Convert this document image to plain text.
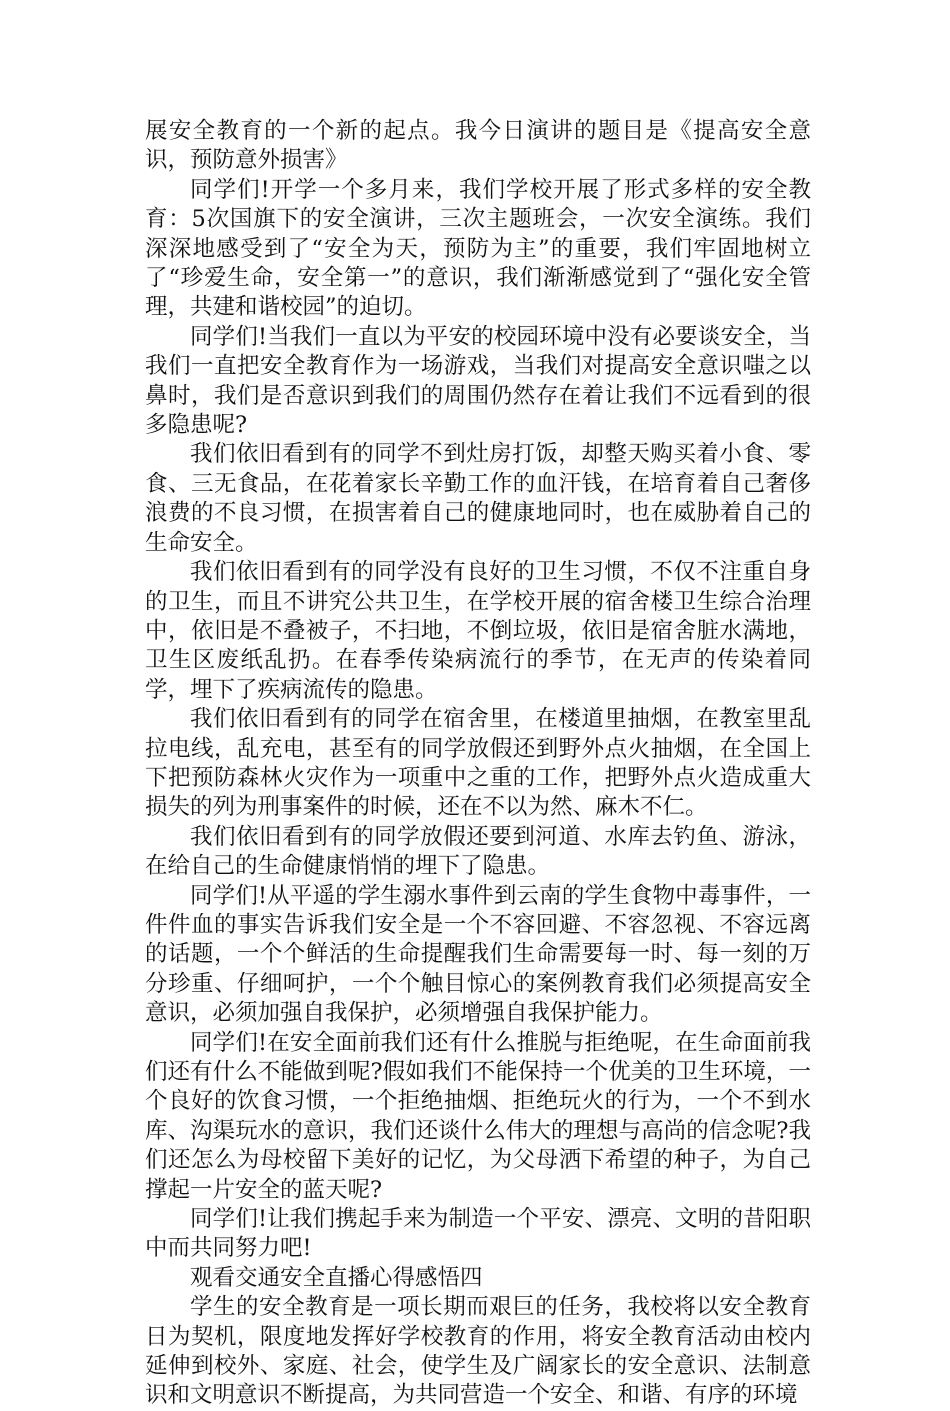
展安全教育的一个新的起点。我今日演讲的题目是《提高安全意识，预防意外损害》

同学们!开学一个多月来，我们学校开展了形式多样的安全教育：5次国旗下的安全演讲，三次主题班会，一次安全演练。我们深深地感受到了“安全为天，预防为主”的重要，我们牢固地树立了“珍爱生命，安全第一”的意识，我们渐渐感觉到了“强化安全管理，共建和谐校园”的迫切。

同学们!当我们一直以为平安的校园环境中没有必要谈安全，当我们一直把安全教育作为一场游戏，当我们对提高安全意识嗤之以鼻时，我们是否意识到我们的周围仍然存在着让我们不远看到的很多隐患呢?

我们依旧看到有的同学不到灶房打饭，却整天购买着小食、零食、三无食品，在花着家长辛勤工作的血汗钱，在培育着自己奢侈浪费的不良习惯，在损害着自己的健康地同时，也在威胁着自己的生命安全。

我们依旧看到有的同学没有良好的卫生习惯，不仅不注重自身的卫生，而且不讲究公共卫生，在学校开展的宿舍楼卫生综合治理中，依旧是不叠被子，不扫地，不倒垃圾，依旧是宿舍脏水满地，卫生区废纸乱扔。在春季传染病流行的季节，在无声的传染着同学，埋下了疾病流传的隐患。

我们依旧看到有的同学在宿舍里，在楼道里抽烟，在教室里乱拉电线，乱充电，甚至有的同学放假还到野外点火抽烟，在全国上下把预防森林火灾作为一项重中之重的工作，把野外点火造成重大损失的列为刑事案件的时候，还在不以为然、麻木不仁。

我们依旧看到有的同学放假还要到河道、水库去钓鱼、游泳，在给自己的生命健康悄悄的埋下了隐患。

同学们!从平遥的学生溺水事件到云南的学生食物中毒事件，一件件血的事实告诉我们安全是一个不容回避、不容忽视、不容远离的话题，一个个鲜活的生命提醒我们生命需要每一时、每一刻的万分珍重、仔细呵护，一个个触目惊心的案例教育我们必须提高安全意识，必须加强自我保护，必须增强自我保护能力。

同学们!在安全面前我们还有什么推脱与拒绝呢，在生命面前我们还有什么不能做到呢?假如我们不能保持一个优美的卫生环境，一个良好的饮食习惯，一个拒绝抽烟、拒绝玩火的行为，一个不到水库、沟渠玩水的意识，我们还谈什么伟大的理想与高尚的信念呢?我们还怎么为母校留下美好的记忆，为父母洒下希望的种子，为自己撑起一片安全的蓝天呢?

同学们!让我们携起手来为制造一个平安、漂亮、文明的昔阳职中而共同努力吧!

观看交通安全直播心得感悟四

学生的安全教育是一项长期而艰巨的任务，我校将以安全教育日为契机，限度地发挥好学校教育的作用，将安全教育活动由校内延伸到校外、家庭、社会，使学生及广阔家长的安全意识、法制意识和文明意识不断提高，为共同营造一个安全、和谐、有序的环境
